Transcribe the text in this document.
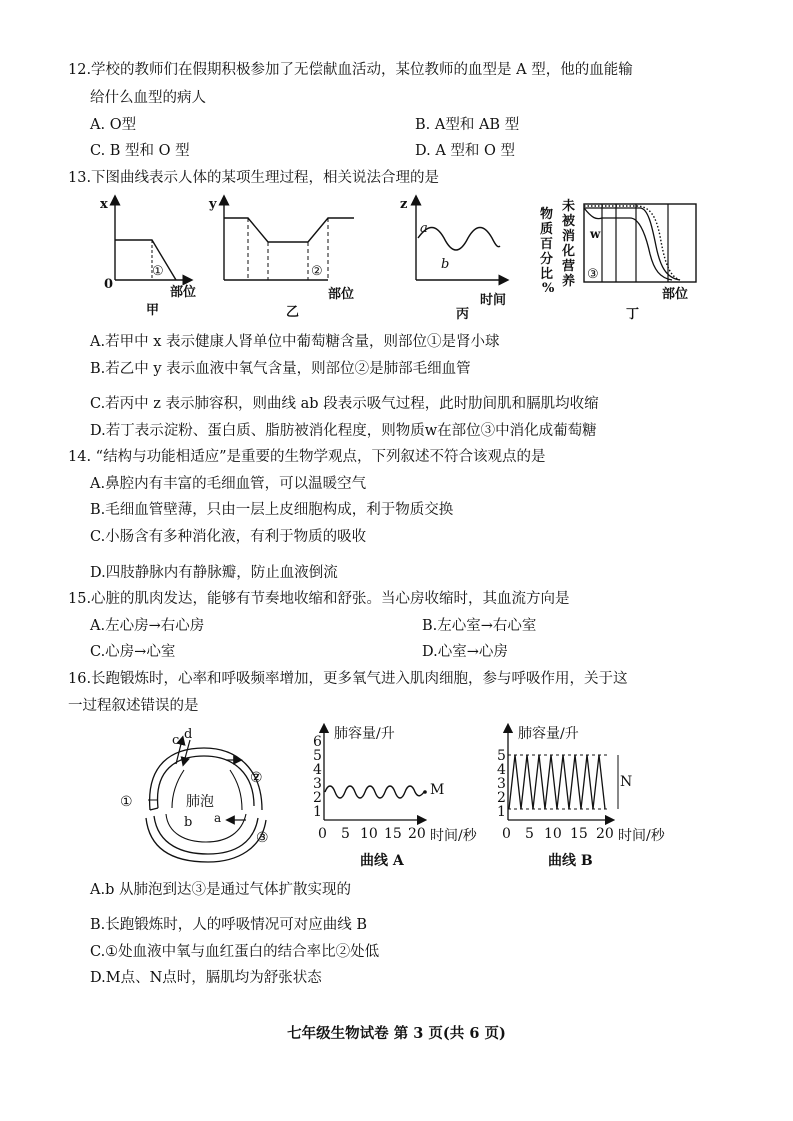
12.学校的教师们在假期积极参加了无偿献血活动，某位教师的血型是 A 型，他的血能输
给什么血型的病人
A. O型	B. A型和 AB 型
C. B 型和 O 型	D. A 型和 O 型
13.下图曲线表示人体的某项生理过程，相关说法合理的是
x
0
①
部位
甲
y
②
部位
乙
z
a
b
时间
丙
物质百分比%
未被消化营养
w
③
部位
丁
A.若甲中 x 表示健康人肾单位中葡萄糖含量，则部位①是肾小球
B.若乙中 y 表示血液中氧气含量，则部位②是肺部毛细血管
C.若丙中 z 表示肺容积，则曲线 ab 段表示吸气过程，此时肋间肌和膈肌均收缩
D.若丁表示淀粉、蛋白质、脂肪被消化程度，则物质w在部位③中消化成葡萄糖
14. “结构与功能相适应”是重要的生物学观点，下列叙述不符合该观点的是
A.鼻腔内有丰富的毛细血管，可以温暖空气
B.毛细血管壁薄，只由一层上皮细胞构成，利于物质交换
C.小肠含有多种消化液，有利于物质的吸收
D.四肢静脉内有静脉瓣，防止血液倒流
15.心脏的肌肉发达，能够有节奏地收缩和舒张。当心房收缩时，其血流方向是
A.左心房→右心房	B.左心室→右心室
C.心房→心室	D.心室→心房
16.长跑锻炼时，心率和呼吸频率增加，更多氧气进入肌肉细胞，参与呼吸作用，关于这
一过程叙述错误的是
c d
肺泡
a
b
①
②
③
肺容量/升
6
5
4
3
2
1
M
0 5 10 15 20 时间/秒
曲线 A
肺容量/升
5
4
3
2
1
N
0 5 10 15 20 时间/秒
曲线 B
A.b 从肺泡到达③是通过气体扩散实现的
B.长跑锻炼时，人的呼吸情况可对应曲线 B
C.①处血液中氧与血红蛋白的结合率比②处低
D.M点、N点时，膈肌均为舒张状态
七年级生物试卷 第 3 页(共 6 页)
